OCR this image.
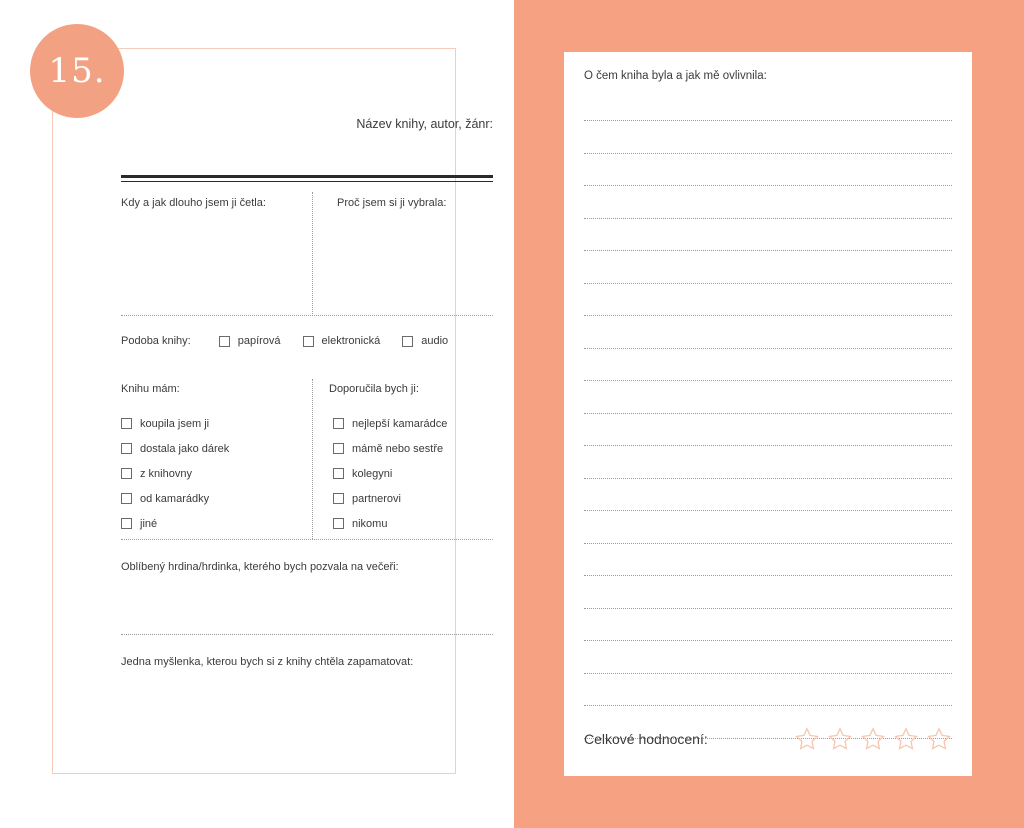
Název knihy, autor, žánr:
Kdy a jak dlouho jsem ji četla:	Proč jsem si ji vybrala:
Podoba knihy:	papírová	elektronická	audio
Knihu mám:	Doporučila bych ji:
koupila jsem ji
dostala jako dárek
z knihovny
od kamarádky
jiné
nejlepší kamarádce
mámě nebo sestře
kolegyni
partnerovi
nikomu
Oblíbený hrdina/hrdinka, kterého bych pozvala na večeři:
Jedna myšlenka, kterou bych si z knihy chtěla zapamatovat:
15.	O čem kniha byla a jak mě ovlivnila:
Celkové hodnocení:
